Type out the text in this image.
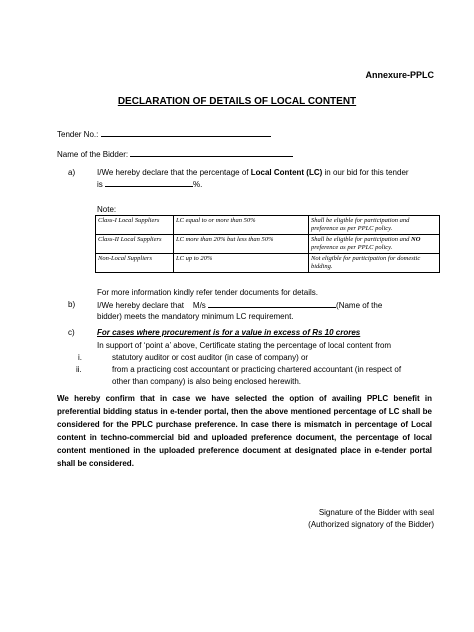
Annexure-PPLC
DECLARATION OF DETAILS OF LOCAL CONTENT
Tender No.:
Name of the Bidder:
a)	I/We hereby declare that the percentage of Local Content (LC) in our bid for this tender
is	%.
Note:
Class-I Local Suppliers	LC equal to or more than 50%	Shall be eligible for participation and preference as per PPLC policy.
Class-II Local Suppliers	LC more than 20% but less than 50%	Shall be eligible for participation and NO preference as per PPLC policy.
Non-Local Suppliers	LC up to 20%	Not eligible for participation for domestic bidding.
For more information kindly refer tender documents for details.
b)	I/We hereby declare that M/s	(Name of the
bidder) meets the mandatory minimum LC requirement.
c)	For cases where procurement is for a value in excess of Rs 10 crores
In support of ‘point a’ above, Certificate stating the percentage of local content from
i.	statutory auditor or cost auditor (in case of company) or
ii.	from a practicing cost accountant or practicing chartered accountant (in respect of
other than company) is also being enclosed herewith.
We hereby confirm that in case we have selected the option of availing PPLC benefit in preferential bidding status in e-tender portal, then the above mentioned percentage of LC shall be considered for the PPLC purchase preference. In case there is mismatch in percentage of Local content in techno-commercial bid and uploaded preference document, the percentage of local content mentioned in the uploaded preference document at designated place in e-tender portal shall be considered.
Signature of the Bidder with seal
(Authorized signatory of the Bidder)
